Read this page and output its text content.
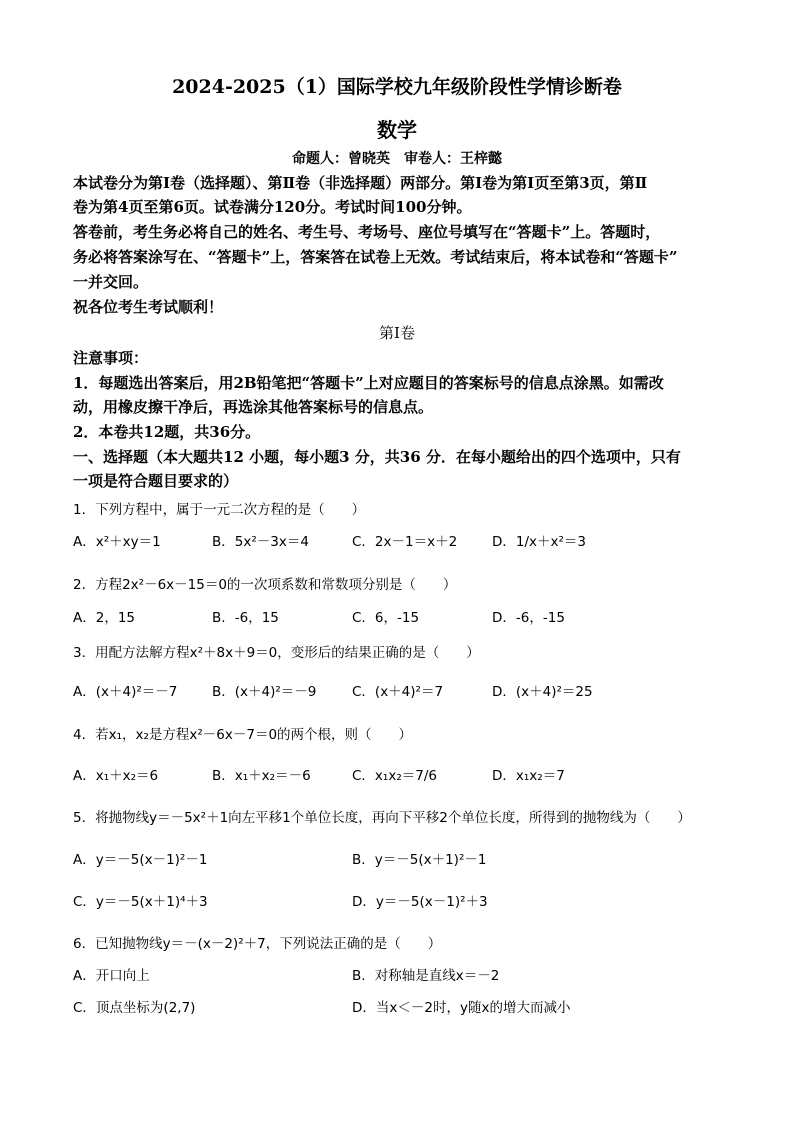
2024-2025（1）国际学校九年级阶段性学情诊断卷
数学
命题人：曾晓英　审卷人：王梓懿
本试卷分为第Ⅰ卷（选择题）、第Ⅱ卷（非选择题）两部分。第Ⅰ卷为第Ⅰ页至第3页，第Ⅱ
卷为第4页至第6页。试卷满分120分。考试时间100分钟。
答卷前，考生务必将自己的姓名、考生号、考场号、座位号填写在“答题卡”上。答题时，
务必将答案涂写在、“答题卡”上，答案答在试卷上无效。考试结束后，将本试卷和“答题卡”
一并交回。
祝各位考生考试顺利！
第Ⅰ卷
注意事项：
1．每题选出答案后，用2B铅笔把“答题卡”上对应题目的答案标号的信息点涂黑。如需改
动，用橡皮擦干净后，再选涂其他答案标号的信息点。
2．本卷共12题，共36分。
一、选择题（本大题共12 小题，每小题3 分，共36 分．在每小题给出的四个选项中，只有
一项是符合题目要求的）
1．下列方程中，属于一元二次方程的是（　　）
A．x²＋xy＝1	B．5x²－3x＝4	C．2x－1＝x＋2	D．1/x＋x²＝3
2．方程2x²－6x－15＝0的一次项系数和常数项分别是（　　）
A．2，15	B．-6，15	C．6，-15	D．-6，-15
3．用配方法解方程x²＋8x＋9＝0，变形后的结果正确的是（　　）
A．(x＋4)²＝－7	B．(x＋4)²＝－9	C．(x＋4)²＝7	D．(x＋4)²＝25
4．若x₁，x₂是方程x²－6x－7＝0的两个根，则（　　）
A．x₁＋x₂＝6	B．x₁＋x₂＝－6	C．x₁x₂＝7/6	D．x₁x₂＝7
5．将抛物线y＝－5x²＋1向左平移1个单位长度，再向下平移2个单位长度，所得到的抛物线为（　　）
A．y＝－5(x－1)²－1	B．y＝－5(x＋1)²－1
C．y＝－5(x＋1)⁴＋3	D．y＝－5(x－1)²＋3
6．已知抛物线y＝－(x－2)²＋7，下列说法正确的是（　　）
A．开口向上	B．对称轴是直线x＝－2
C．顶点坐标为(2,7)	D．当x＜－2时，y随x的增大而减小
